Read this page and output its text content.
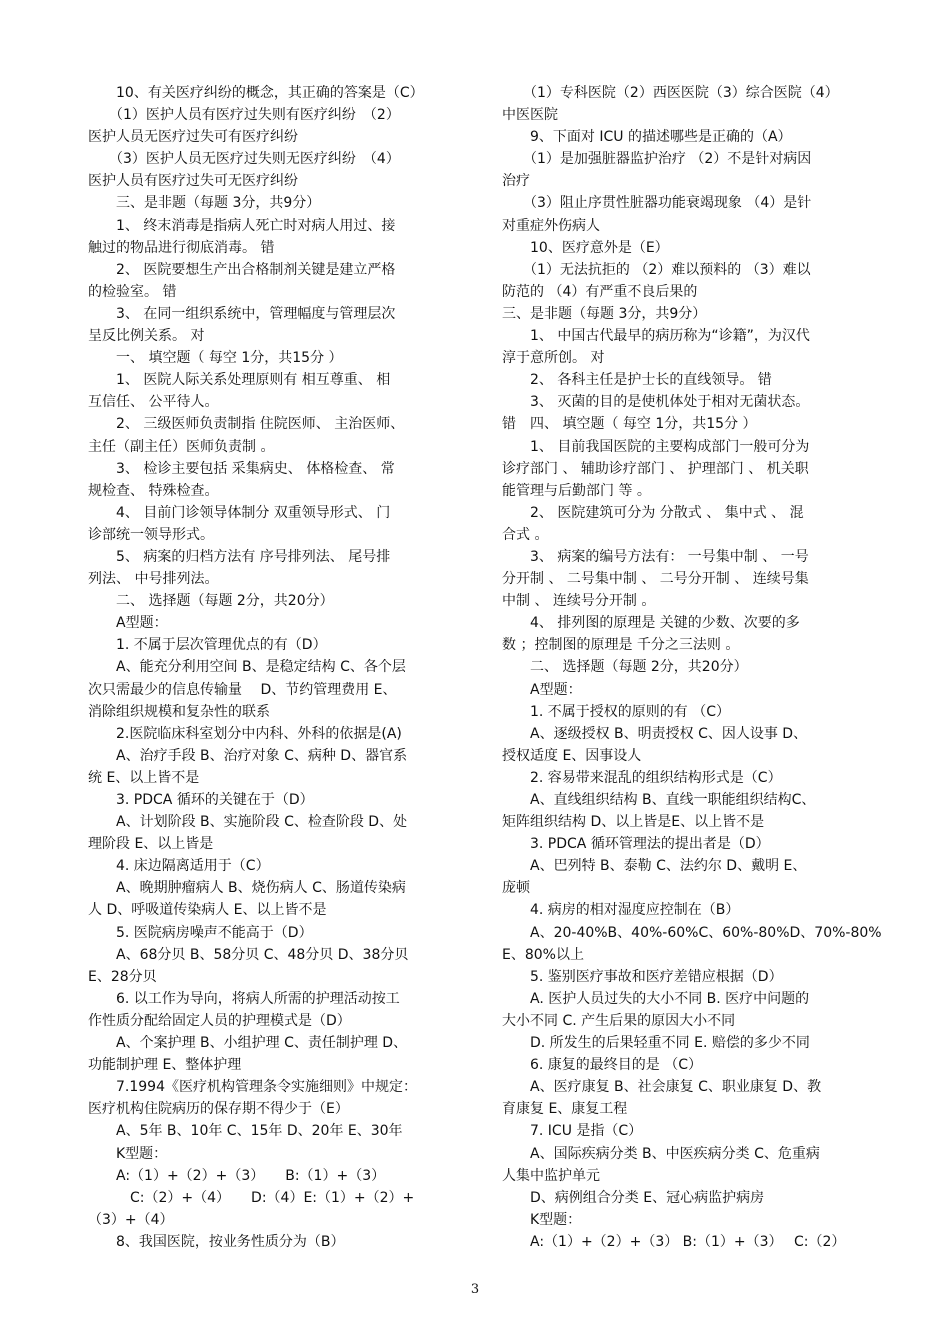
　　10、有关医疗纠纷的概念，其正确的答案是（C）
　　（1）医护人员有医疗过失则有医疗纠纷　（2）
医护人员无医疗过失可有医疗纠纷
　　（3）医护人员无医疗过失则无医疗纠纷　（4）
医护人员有医疗过失可无医疗纠纷
　　三、是非题（每题 3分，共9分）
　　1、 终末消毒是指病人死亡时对病人用过、接
触过的物品进行彻底消毒。 错
　　2、 医院要想生产出合格制剂关键是建立严格
的检验室。 错
　　3、 在同一组织系统中，管理幅度与管理层次
呈反比例关系。 对
　　一、 填空题（ 每空 1分，共15分 ）
　　1、 医院人际关系处理原则有 相互尊重、 相
互信任、 公平待人。
　　2、 三级医师负责制指 住院医师、 主治医师、
主任（副主任）医师负责制 。
　　3、 检诊主要包括 采集病史、 体格检查、 常
规检查、 特殊检查。
　　4、 目前门诊领导体制分 双重领导形式、 门
诊部统一领导形式。
　　5、 病案的归档方法有 序号排列法、 尾号排
列法、 中号排列法。
　　二、 选择题（每题 2分，共20分）
　　A型题：
　　1. 不属于层次管理优点的有（D）
　　A、能充分利用空间 B、是稳定结构 C、各个层
次只需最少的信息传输量　 D、节约管理费用 E、
消除组织规模和复杂性的联系
　　2.医院临床科室划分中内科、外科的依据是(A)
　　A、治疗手段 B、治疗对象 C、病种 D、器官系
统 E、以上皆不是
　　3. PDCA 循环的关键在于（D）
　　A、计划阶段 B、实施阶段 C、检查阶段 D、处
理阶段 E、以上皆是
　　4. 床边隔离适用于（C）
　　A、晚期肿瘤病人 B、烧伤病人 C、肠道传染病
人 D、呼吸道传染病人 E、以上皆不是
　　5. 医院病房噪声不能高于（D）
　　A、68分贝 B、58分贝 C、48分贝 D、38分贝
E、28分贝
　　6. 以工作为导向，将病人所需的护理活动按工
作性质分配给固定人员的护理模式是（D）
　　A、个案护理 B、小组护理 C、责任制护理 D、
功能制护理 E、整体护理
　　7.1994《医疗机构管理条令实施细则》中规定：
医疗机构住院病历的保存期不得少于（E）
　　A、5年 B、10年 C、15年 D、20年 E、30年
　　K型题：
　　A:（1）+（2）+（3）　　B:（1）+（3）
　　　C:（2）+（4）　　D:（4）E:（1）+（2）+
（3）+（4）
　　8、我国医院，按业务性质分为（B）
　　（1）专科医院（2）西医医院（3）综合医院（4）
中医医院
　　9、下面对 ICU 的描述哪些是正确的（A）
　　（1）是加强脏器监护治疗 （2）不是针对病因
治疗
　　（3）阻止序贯性脏器功能衰竭现象 （4）是针
对重症外伤病人
　　10、医疗意外是（E）
　　（1）无法抗拒的 （2）难以预料的 （3）难以
防范的 （4）有严重不良后果的
三、是非题（每题 3分，共9分）
　　1、 中国古代最早的病历称为“诊籍”，为汉代
淳于意所创。 对
　　2、 各科主任是护士长的直线领导。 错
　　3、 灭菌的目的是使机体处于相对无菌状态。
错　四、 填空题（ 每空 1分，共15分 ）
　　1、 目前我国医院的主要构成部门一般可分为
诊疗部门 、 辅助诊疗部门 、 护理部门 、 机关职
能管理与后勤部门 等 。
　　2、 医院建筑可分为 分散式 、 集中式 、 混
合式 。
　　3、 病案的编号方法有： 一号集中制 、 一号
分开制 、 二号集中制 、 二号分开制 、 连续号集
中制 、 连续号分开制 。
　　4、 排列图的原理是 关键的少数、次要的多
数 ；控制图的原理是 千分之三法则 。
　　二、 选择题（每题 2分，共20分）
　　A型题：
　　1. 不属于授权的原则的有 （C）
　　A、逐级授权 B、明责授权 C、因人设事 D、
授权适度 E、因事设人
　　2. 容易带来混乱的组织结构形式是（C）
　　A、直线组织结构 B、直线一职能组织结构C、
矩阵组织结构 D、以上皆是E、以上皆不是
　　3. PDCA 循环管理法的提出者是（D）
　　A、巴列特 B、泰勒 C、法约尔 D、戴明 E、
庞顿
　　4. 病房的相对湿度应控制在（B）
　　A、20-40%B、40%-60%C、60%-80%D、70%-80%
E、80%以上
　　5. 鉴别医疗事故和医疗差错应根据（D）
　　A. 医护人员过失的大小不同 B. 医疗中问题的
大小不同 C. 产生后果的原因大小不同
　　D. 所发生的后果轻重不同 E. 赔偿的多少不同
　　6. 康复的最终目的是 （C）
　　A、医疗康复 B、社会康复 C、职业康复 D、教
育康复 E、康复工程
　　7. ICU 是指（C）
　　A、国际疾病分类 B、中医疾病分类 C、危重病
人集中监护单元
　　D、病例组合分类 E、冠心病监护病房
　　K型题：
　　A:（1）+（2）+（3） B:（1）+（3）　 C:（2）
3
